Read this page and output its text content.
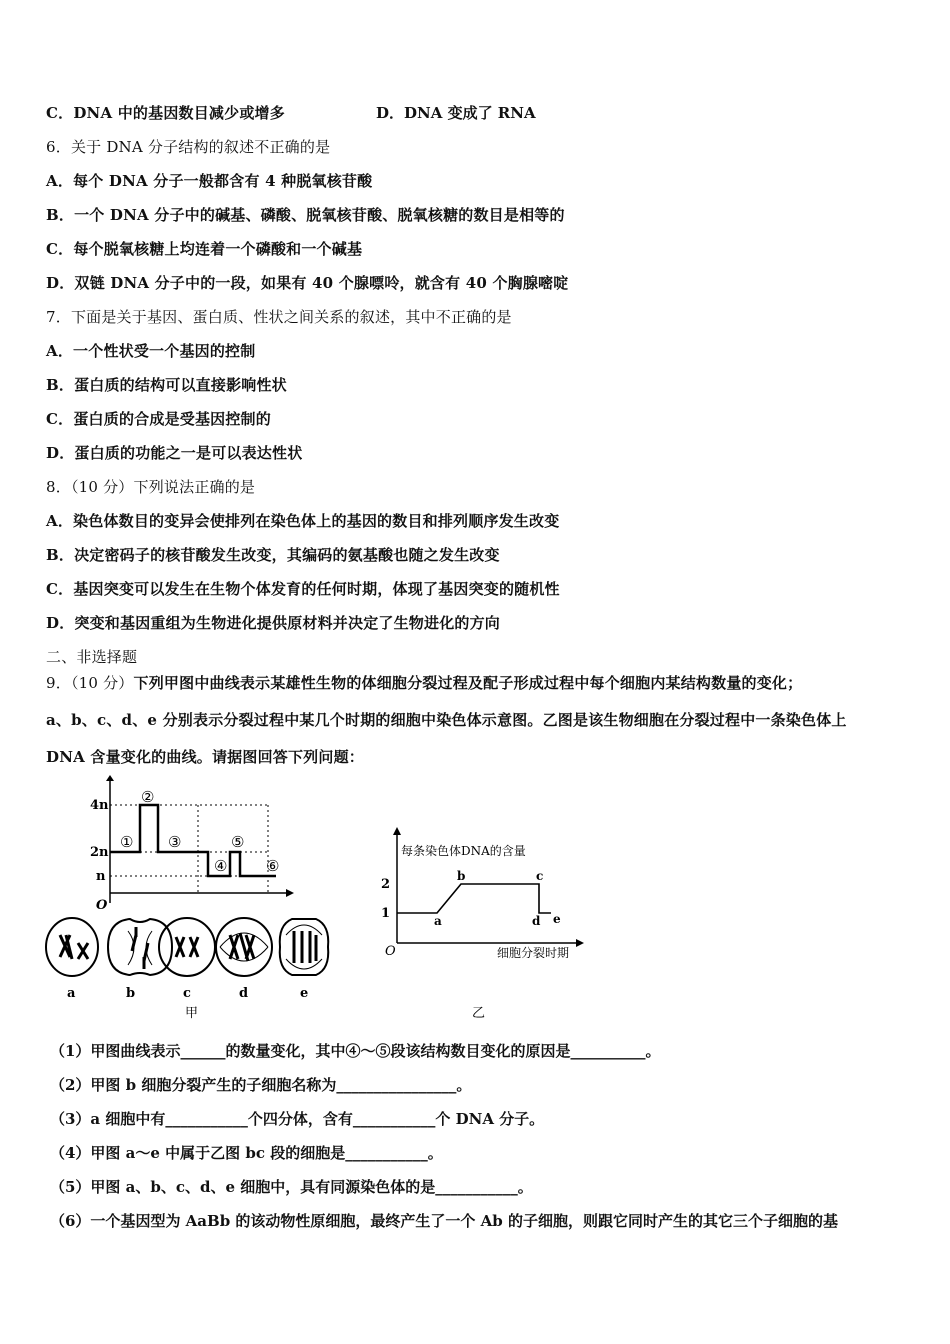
C．DNA 中的基因数目减少或增多	D．DNA 变成了 RNA
6．关于 DNA 分子结构的叙述不正确的是
A．每个 DNA 分子一般都含有 4 种脱氧核苷酸
B．一个 DNA 分子中的碱基、磷酸、脱氧核苷酸、脱氧核糖的数目是相等的
C．每个脱氧核糖上均连着一个磷酸和一个碱基
D．双链 DNA 分子中的一段，如果有 40 个腺嘌呤，就含有 40 个胸腺嘧啶
7．下面是关于基因、蛋白质、性状之间关系的叙述，其中不正确的是
A．一个性状受一个基因的控制
B．蛋白质的结构可以直接影响性状
C．蛋白质的合成是受基因控制的
D．蛋白质的功能之一是可以表达性状
8．（10 分）下列说法正确的是
A．染色体数目的变异会使排列在染色体上的基因的数目和排列顺序发生改变
B．决定密码子的核苷酸发生改变，其编码的氨基酸也随之发生改变
C．基因突变可以发生在生物个体发育的任何时期，体现了基因突变的随机性
D．突变和基因重组为生物进化提供原材料并决定了生物进化的方向
二、非选择题
9．（10 分）下列甲图中曲线表示某雄性生物的体细胞分裂过程及配子形成过程中每个细胞内某结构数量的变化；
a、b、c、d、e 分别表示分裂过程中某几个时期的细胞中染色体示意图。乙图是该生物细胞在分裂过程中一条染色体上
DNA 含量变化的曲线。请据图回答下列问题：
4n
2n
n
O
①
②
③
④
⑤
⑥
a	b	c	d	e
甲
每条染色体DNA的含量
2
1	a
b	c
d e
O	细胞分裂时期
乙
（1）甲图曲线表示______的数量变化，其中④～⑤段该结构数目变化的原因是__________。
（2）甲图 b 细胞分裂产生的子细胞名称为________________。
（3）a 细胞中有___________个四分体，含有___________个 DNA 分子。
（4）甲图 a～e 中属于乙图 bc 段的细胞是___________。
（5）甲图 a、b、c、d、e 细胞中，具有同源染色体的是___________。
（6）一个基因型为 AaBb 的该动物性原细胞，最终产生了一个 Ab 的子细胞，则跟它同时产生的其它三个子细胞的基
